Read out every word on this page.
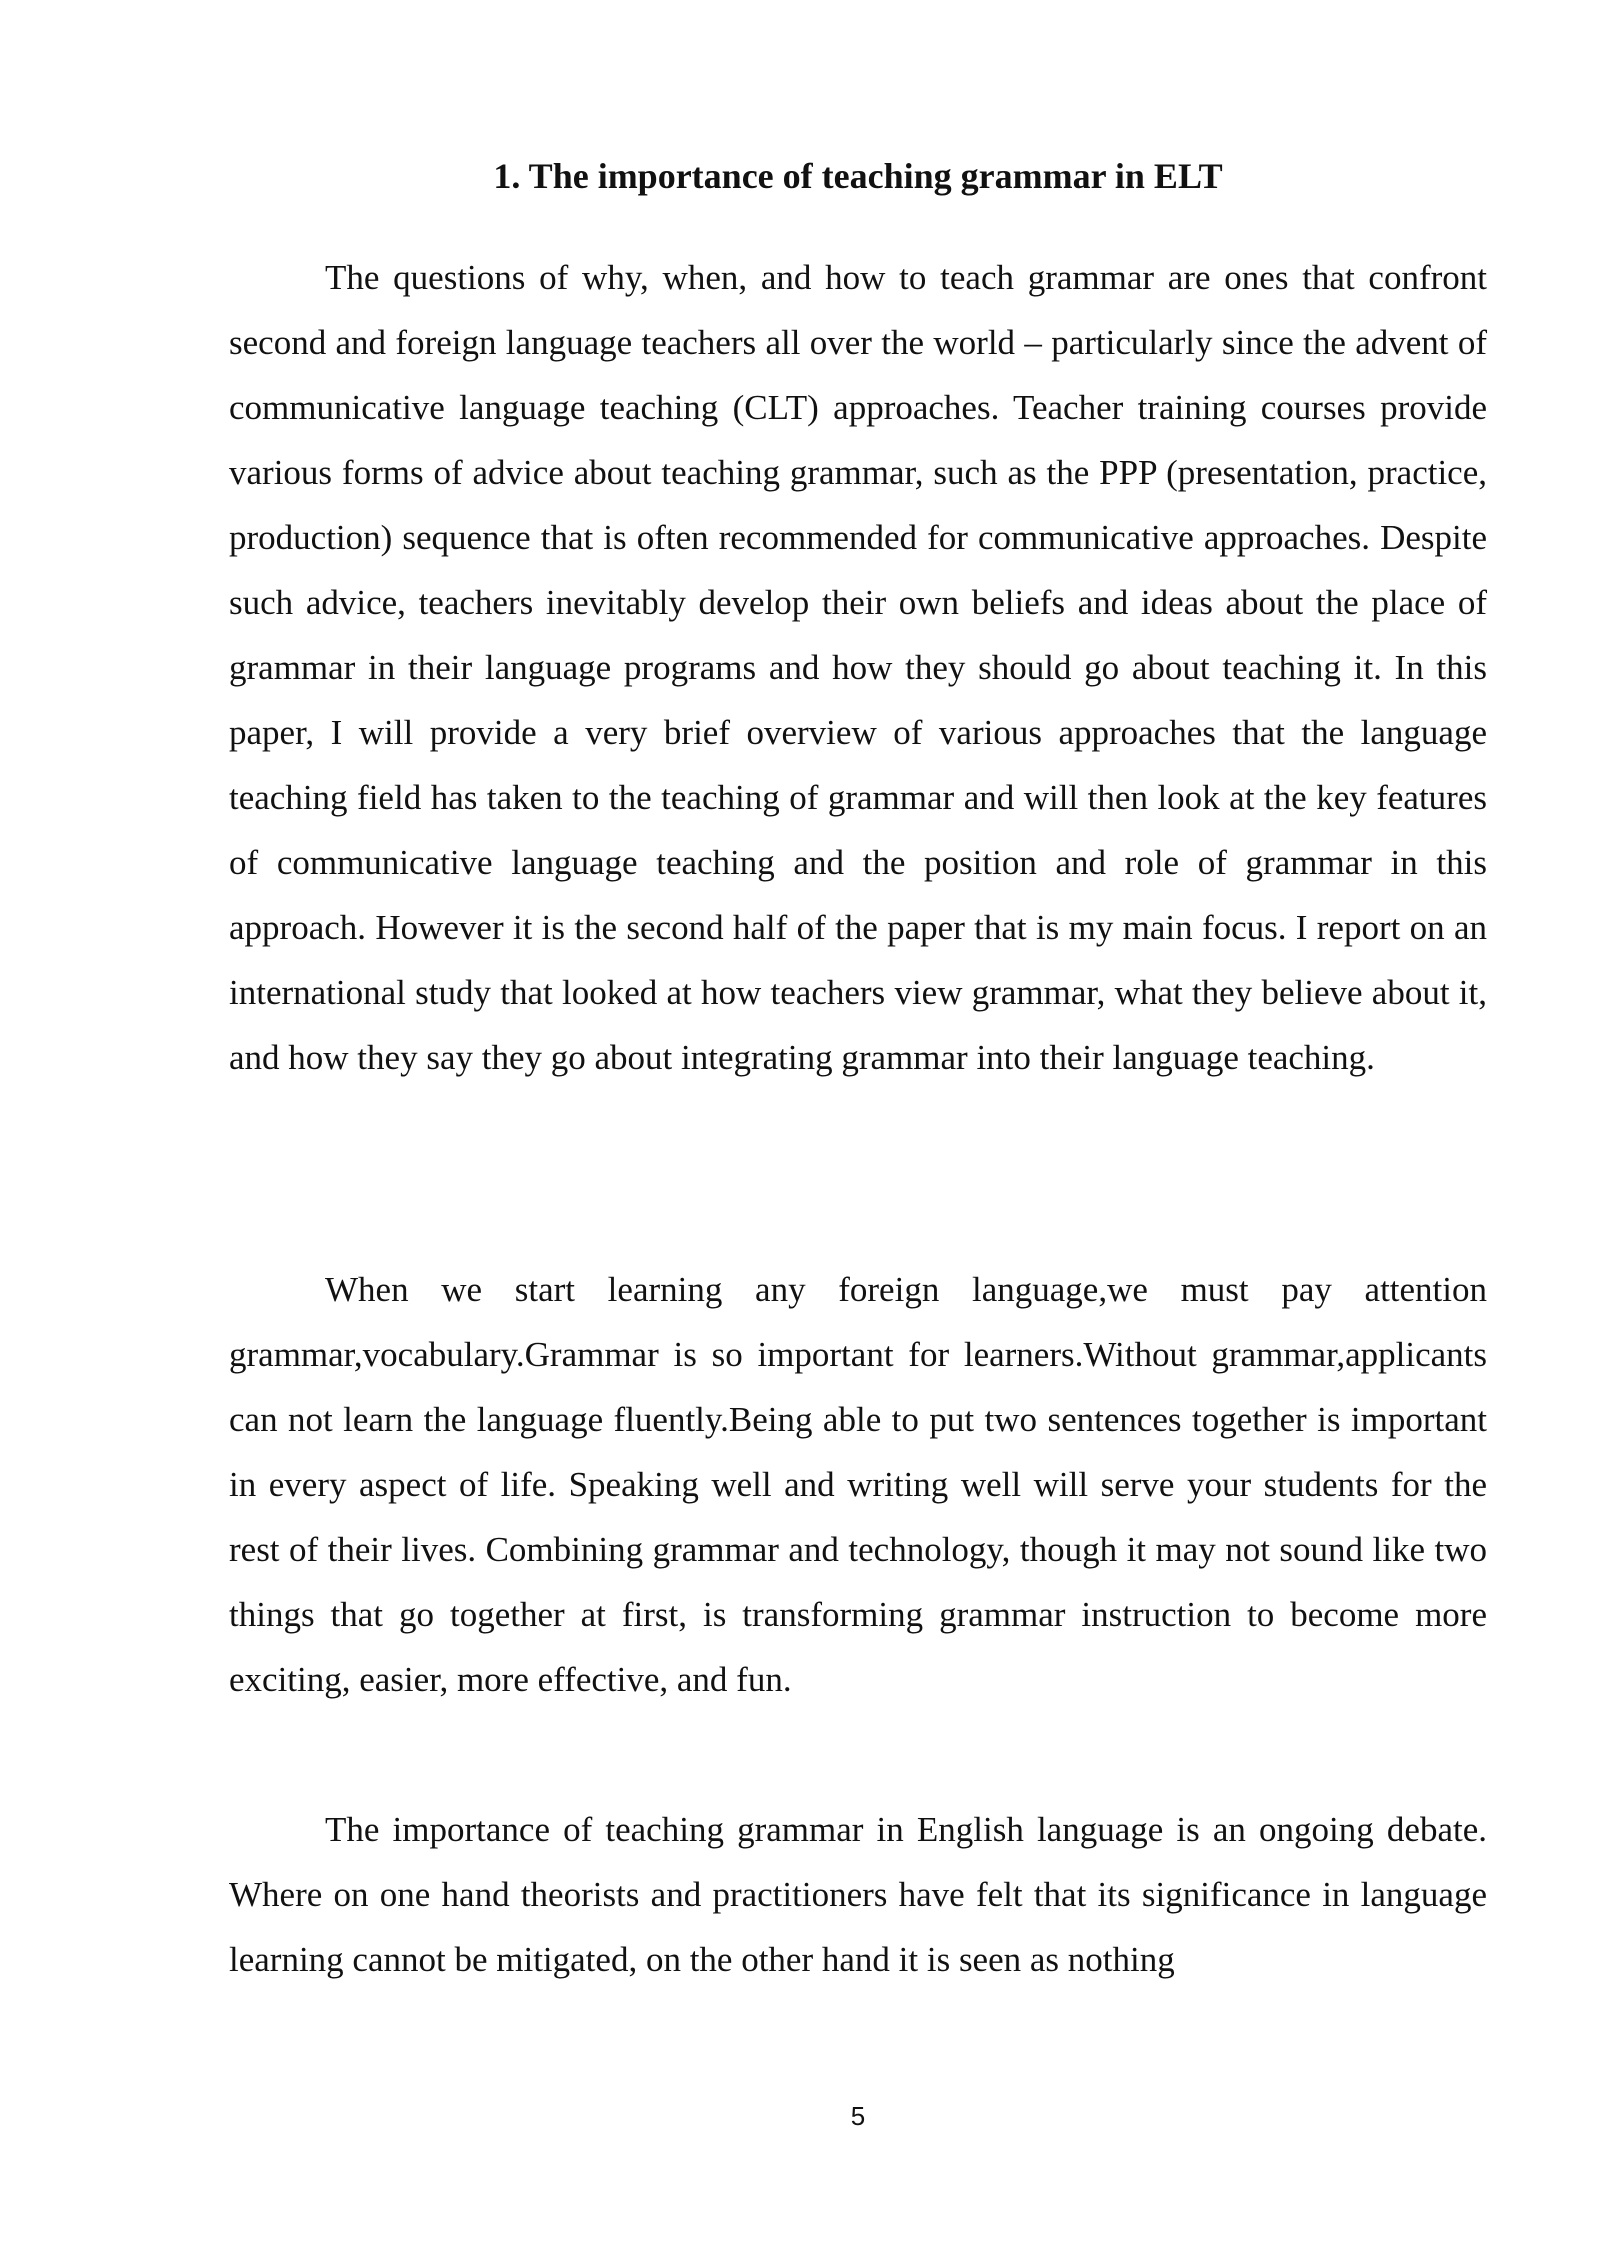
1. The importance of teaching grammar in ELT

The questions of why, when, and how to teach grammar are ones that confront second and foreign language teachers all over the world – particularly since the advent of communicative language teaching (CLT) approaches. Teacher training courses provide various forms of advice about teaching grammar, such as the PPP (presentation, practice, production) sequence that is often recommended for communicative approaches. Despite such advice, teachers inevitably develop their own beliefs and ideas about the place of grammar in their language programs and how they should go about teaching it. In this paper, I will provide a very brief overview of various approaches that the language teaching field has taken to the teaching of grammar and will then look at the key features of communicative language teaching and the position and role of grammar in this approach. However it is the second half of the paper that is my main focus. I report on an international study that looked at how teachers view grammar, what they believe about it, and how they say they go about integrating grammar into their language teaching.

When we start learning any foreign language,we must pay attention grammar,vocabulary.Grammar is so important for learners.Without grammar,applicants can not learn the language fluently.Being able to put two sentences together is important in every aspect of life. Speaking well and writing well will serve your students for the rest of their lives. Combining grammar and technology, though it may not sound like two things that go together at first, is transforming grammar instruction to become more exciting, easier, more effective, and fun.

The importance of teaching grammar in English language is an ongoing debate. Where on one hand theorists and practitioners have felt that its significance in language learning cannot be mitigated, on the other hand it is seen as nothing

5
